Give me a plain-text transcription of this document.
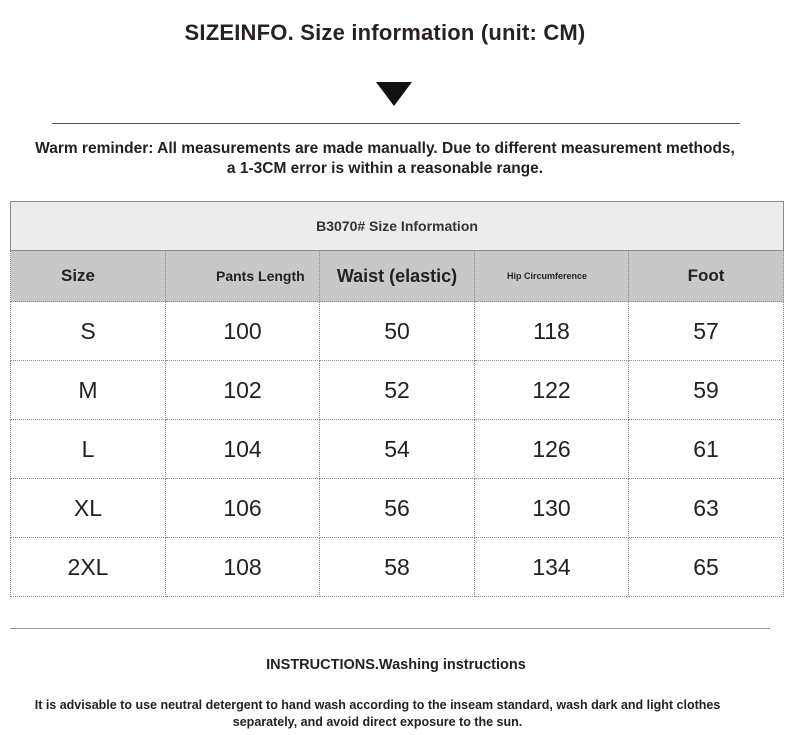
SIZEINFO. Size information (unit: CM)
Warm reminder: All measurements are made manually. Due to different measurement methods, a 1-3CM error is within a reasonable range.
B3070# Size Information				
Size	Pants Length	Waist (elastic)	Hip Circumference	Foot
S	100	50	118	57
M	102	52	122	59
L	104	54	126	61
XL	106	56	130	63
2XL	108	58	134	65
INSTRUCTIONS.Washing instructions
It is advisable to use neutral detergent to hand wash according to the inseam standard, wash dark and light clothes separately, and avoid direct exposure to the sun.
